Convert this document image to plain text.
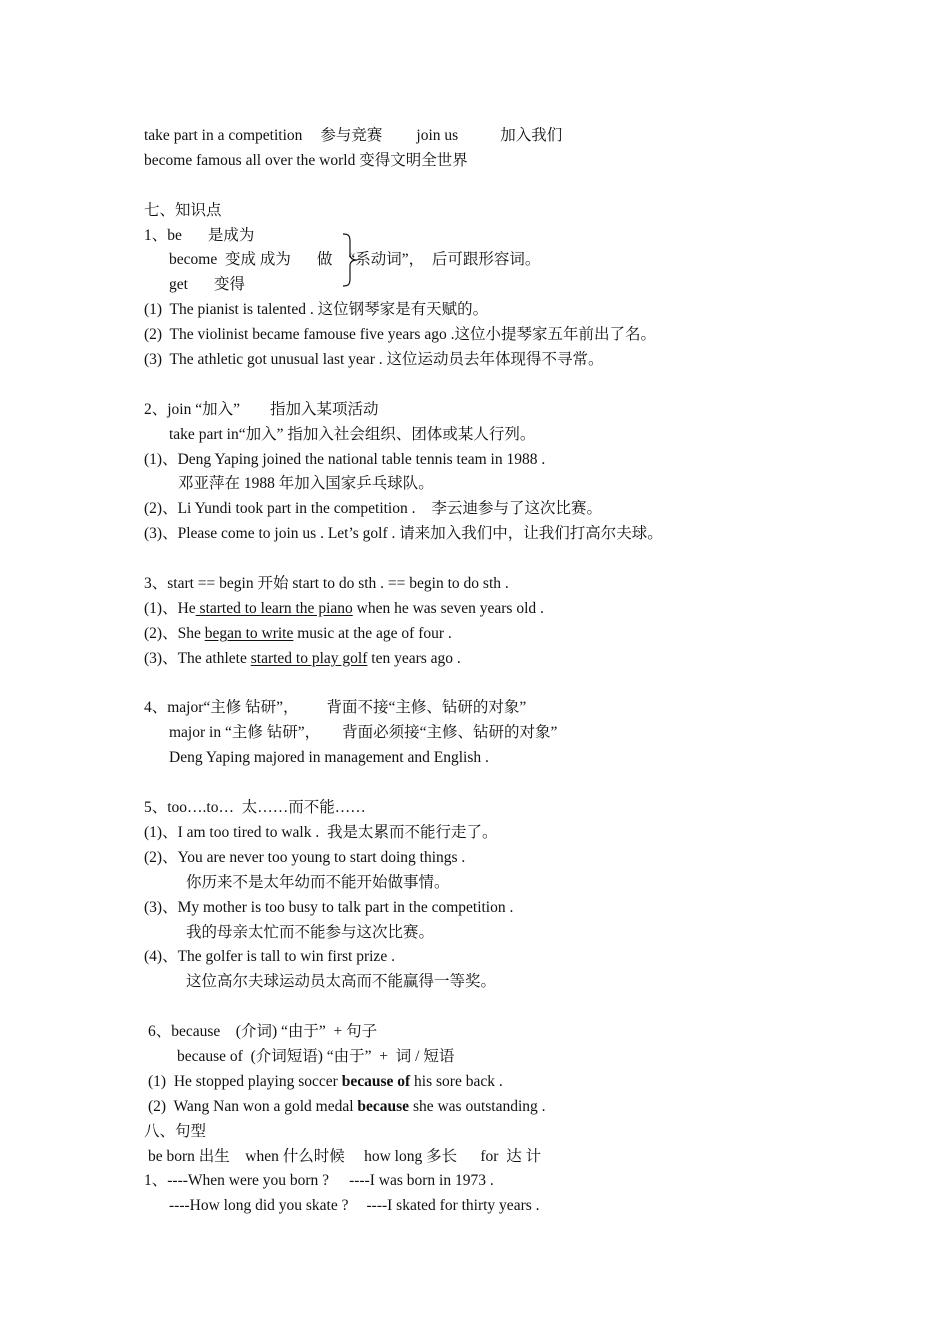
take part in a competition 参与竞赛 join us	加入我们
become famous all over the world 变得文明全世界
七、知识点
1、be 是成为
become  变成 成为 做 “系动词”，  后可跟形容词。
get 变得
(1)  The pianist is talented . 这位钢琴家是有天赋的。
(2)  The violinist became famouse five years ago .这位小提琴家五年前出了名。
(3)  The athletic got unusual last year . 这位运动员去年体现得不寻常。
2、join “加入” 指加入某项活动
take part in“加入” 指加入社会组织、团体或某人行列。
(1)、Deng Yaping joined the national table tennis team in 1988 .
邓亚萍在 1988 年加入国家乒乓球队。
(2)、Li Yundi took part in the competition . 李云迪参与了这次比赛。
(3)、Please come to join us . Let’s golf . 请来加入我们中，让我们打高尔夫球。
3、start == begin 开始 start to do sth . == begin to do sth .
(1)、He started to learn the piano when he was seven years old .
(2)、She began to write music at the age of four .
(3)、The athlete started to play golf ten years ago .
4、major“主修 钻研”， 背面不接“主修、钻研的对象”
major in “主修 钻研”， 背面必须接“主修、钻研的对象”
Deng Yaping majored in management and English .
5、too….to…  太……而不能……
(1)、I am too tired to walk .  我是太累而不能行走了。
(2)、You are never too young to start doing things .
你历来不是太年幼而不能开始做事情。
(3)、My mother is too busy to talk part in the competition .
我的母亲太忙而不能参与这次比赛。
(4)、The golfer is tall to win first prize .
这位高尔夫球运动员太高而不能赢得一等奖。
6、because    (介词) “由于”  + 句子
because of  (介词短语) “由于”  +  词 / 短语
(1)  He stopped playing soccer because of his sore back .
(2)  Wang Nan won a gold medal because she was outstanding .
八、句型
be born 出生    when 什么时候     how long 多长      for  达 计
1、----When were you born ? ----I was born in 1973 .
----How long did you skate ? ----I skated for thirty years .
